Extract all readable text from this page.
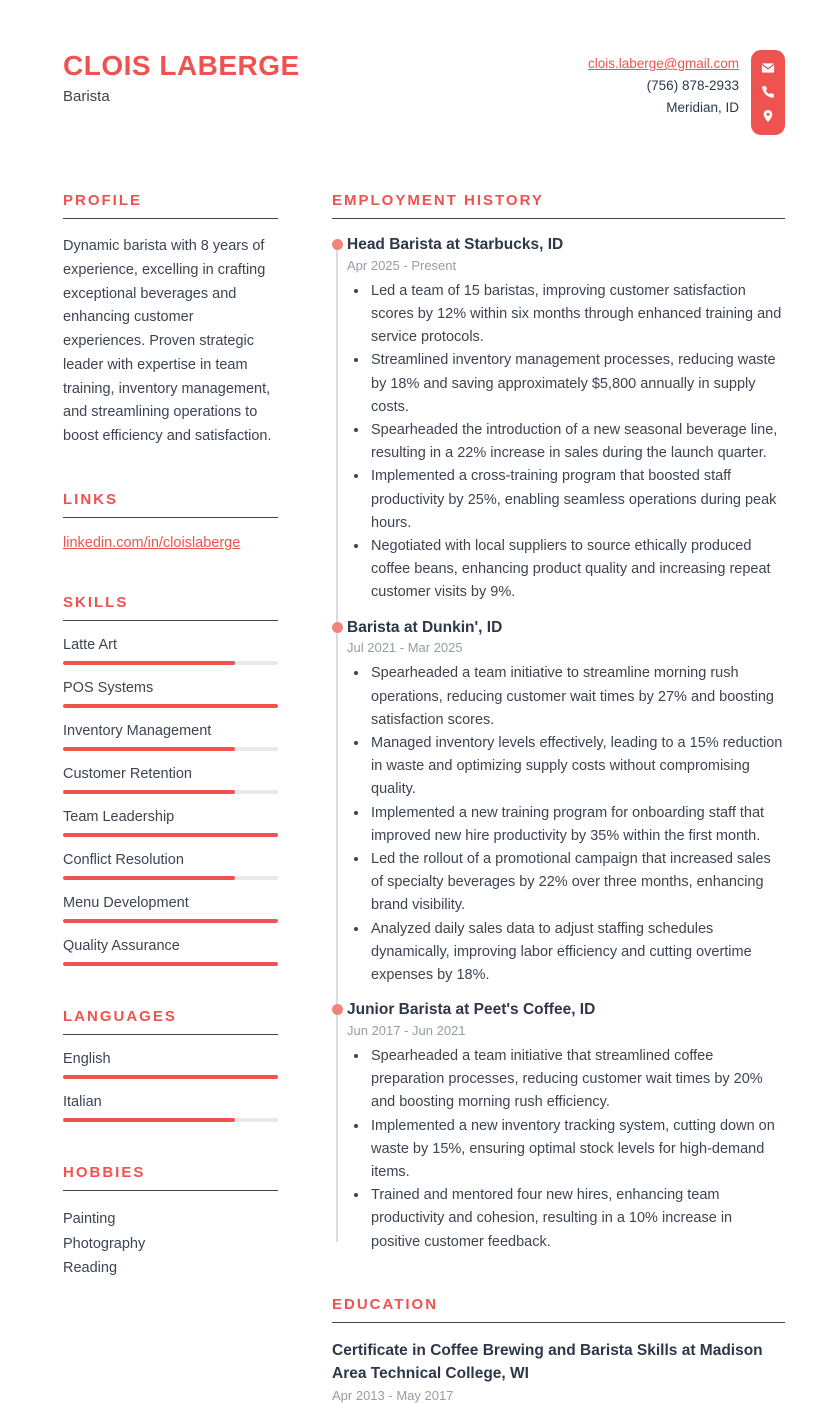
CLOIS LABERGE
Barista
clois.laberge@gmail.com
(756) 878-2933
Meridian, ID
PROFILE

Dynamic barista with 8 years of experience, excelling in crafting exceptional beverages and enhancing customer experiences. Proven strategic leader with expertise in team training, inventory management, and streamlining operations to boost efficiency and satisfaction.

LINKS
linkedin.com/in/cloislaberge
SKILLS
Latte Art
POS Systems
Inventory Management
Customer Retention
Team Leadership
Conflict Resolution
Menu Development
Quality Assurance
LANGUAGES
English
Italian
HOBBIES
Painting
Photography
Reading
EMPLOYMENT HISTORY
Head Barista at Starbucks, ID
Apr 2025 - Present
• Led a team of 15 baristas, improving customer satisfaction scores by 12% within six months through enhanced training and service protocols.
• Streamlined inventory management processes, reducing waste by 18% and saving approximately $5,800 annually in supply costs.
• Spearheaded the introduction of a new seasonal beverage line, resulting in a 22% increase in sales during the launch quarter.
• Implemented a cross-training program that boosted staff productivity by 25%, enabling seamless operations during peak hours.
• Negotiated with local suppliers to source ethically produced coffee beans, enhancing product quality and increasing repeat customer visits by 9%.
Barista at Dunkin', ID
Jul 2021 - Mar 2025
• Spearheaded a team initiative to streamline morning rush operations, reducing customer wait times by 27% and boosting satisfaction scores.
• Managed inventory levels effectively, leading to a 15% reduction in waste and optimizing supply costs without compromising quality.
• Implemented a new training program for onboarding staff that improved new hire productivity by 35% within the first month.
• Led the rollout of a promotional campaign that increased sales of specialty beverages by 22% over three months, enhancing brand visibility.
• Analyzed daily sales data to adjust staffing schedules dynamically, improving labor efficiency and cutting overtime expenses by 18%.
Junior Barista at Peet's Coffee, ID
Jun 2017 - Jun 2021
• Spearheaded a team initiative that streamlined coffee preparation processes, reducing customer wait times by 20% and boosting morning rush efficiency.
• Implemented a new inventory tracking system, cutting down on waste by 15%, ensuring optimal stock levels for high-demand items.
• Trained and mentored four new hires, enhancing team productivity and cohesion, resulting in a 10% increase in positive customer feedback.
EDUCATION
Certificate in Coffee Brewing and Barista Skills at Madison Area Technical College, WI
Apr 2013 - May 2017
